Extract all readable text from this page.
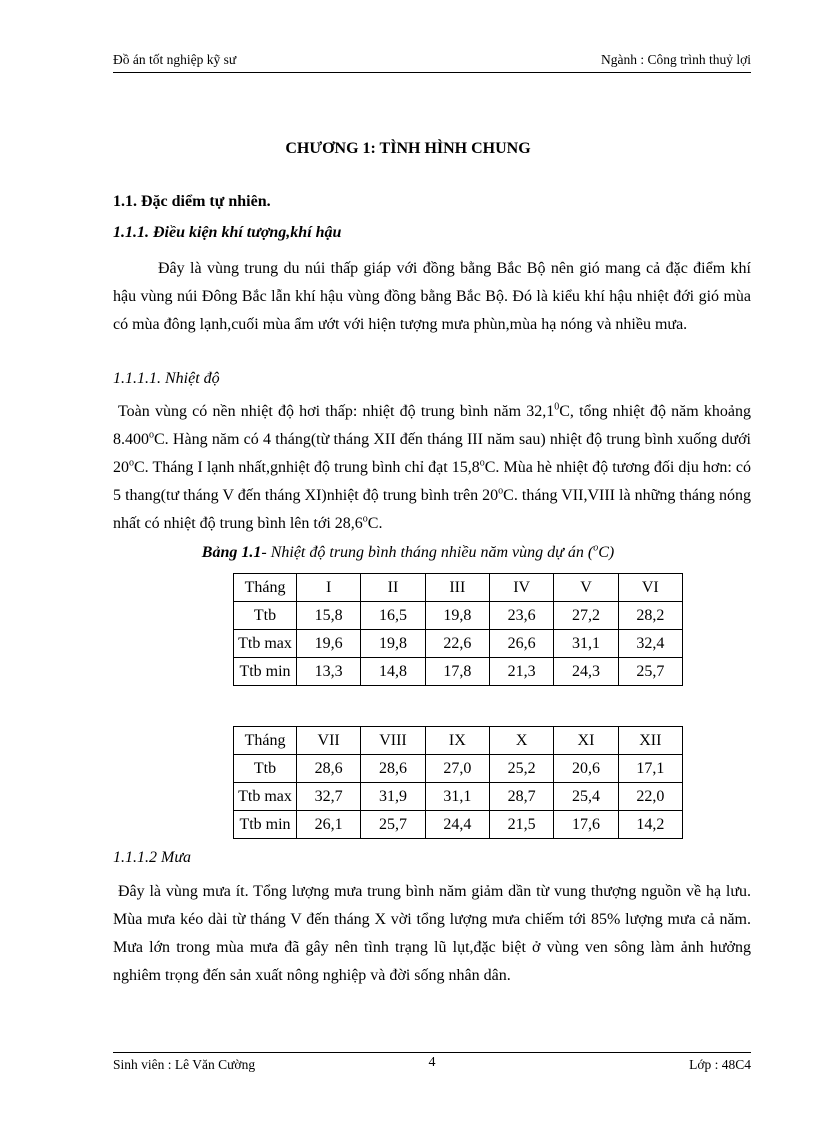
Đồ án tốt nghiệp kỹ sư	Ngành : Công trình thuỷ lợi
CHƯƠNG 1: TÌNH HÌNH CHUNG
1.1. Đặc diểm tự nhiên.
1.1.1. Điều kiện khí tượng,khí hậu
Đây là vùng trung du núi thấp giáp với đồng bằng Bắc Bộ nên gió mang cả đặc điểm khí hậu vùng núi Đông Bắc lẫn khí hậu vùng đồng bằng Bắc Bộ. Đó là kiểu khí hậu nhiệt đới gió mùa có mùa đông lạnh,cuối mùa ẩm ướt với hiện tượng mưa phùn,mùa hạ nóng và nhiều mưa.
1.1.1.1. Nhiệt độ
Toàn vùng có nền nhiệt độ hơi thấp: nhiệt độ trung bình năm 32,1$^0$C, tổng nhiệt độ năm khoảng 8.400$^o$C. Hàng năm có 4 tháng(từ tháng XII đến tháng III năm sau) nhiệt độ trung bình xuống dưới 20$^o$C. Tháng I lạnh nhất,gnhiệt độ trung bình chỉ đạt 15,8$^o$C. Mùa hè nhiệt độ tương đối dịu hơn: có 5 thang(tư tháng V đến tháng XI)nhiệt độ trung bình trên 20$^o$C. tháng VII,VIII là những tháng nóng nhất có nhiệt độ trung bình lên tới 28,6$^o$C.
Bảng 1.1- Nhiệt độ trung bình tháng nhiều năm vùng dự án ($^o$C)
Tháng	I	II	III	IV	V	VI
Ttb	15,8	16,5	19,8	23,6	27,2	28,2
Ttb max	19,6	19,8	22,6	26,6	31,1	32,4
Ttb min	13,3	14,8	17,8	21,3	24,3	25,7
Tháng	VII	VIII	IX	X	XI	XII
Ttb	28,6	28,6	27,0	25,2	20,6	17,1
Ttb max	32,7	31,9	31,1	28,7	25,4	22,0
Ttb min	26,1	25,7	24,4	21,5	17,6	14,2
1.1.1.2 Mưa
Đây là vùng mưa ít. Tổng lượng mưa trung bình năm giảm dần từ vung thượng nguồn về hạ lưu. Mùa mưa kéo dài từ tháng V đến tháng X vời tổng lượng mưa chiếm tới 85% lượng mưa cả năm. Mưa lớn trong mùa mưa đã gây nên tình trạng lũ lụt,đặc biệt ở vùng ven sông làm ảnh hưởng nghiêm trọng đến sản xuất nông nghiệp và đời sống nhân dân.
Sinh viên : Lê Văn Cường	4	Lớp : 48C4
